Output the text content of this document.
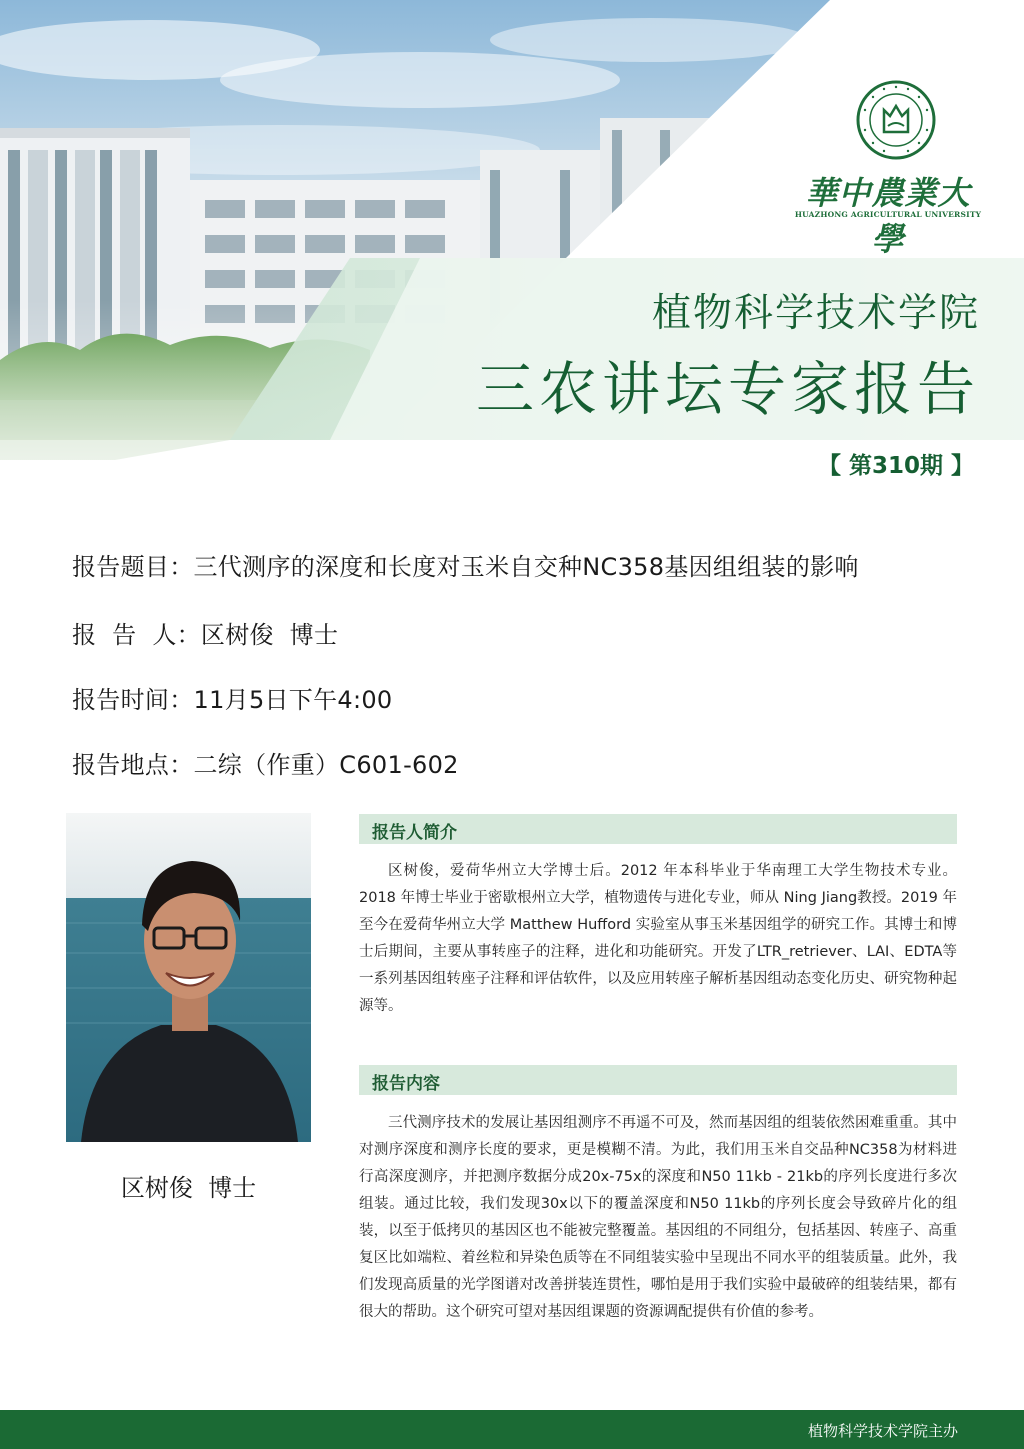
華中農業大學
HUAZHONG AGRICULTURAL UNIVERSITY
植物科学技术学院
三农讲坛专家报告
【 第310期 】
报告题目：三代测序的深度和长度对玉米自交种NC358基因组组装的影响
报  告  人：区树俊  博士
报告时间：11月5日下午4:00
报告地点：二综（作重）C601-602
区树俊  博士
报告人简介

区树俊，爱荷华州立大学博士后。2012 年本科毕业于华南理工大学生物技术专业。 2018 年博士毕业于密歇根州立大学，植物遗传与进化专业，师从 Ning Jiang教授。2019 年至今在爱荷华州立大学 Matthew Hufford 实验室从事玉米基因组学的研究工作。其博士和博士后期间，主要从事转座子的注释，进化和功能研究。开发了LTR_retriever、LAI、EDTA等一系列基因组转座子注释和评估软件，以及应用转座子解析基因组动态变化历史、研究物种起源等。

报告内容

三代测序技术的发展让基因组测序不再遥不可及，然而基因组的组装依然困难重重。其中对测序深度和测序长度的要求，更是模糊不清。为此，我们用玉米自交品种NC358为材料进行高深度测序，并把测序数据分成20x-75x的深度和N50 11kb - 21kb的序列长度进行多次组装。通过比较，我们发现30x以下的覆盖深度和N50 11kb的序列长度会导致碎片化的组装，以至于低拷贝的基因区也不能被完整覆盖。基因组的不同组分，包括基因、转座子、高重复区比如端粒、着丝粒和异染色质等在不同组装实验中呈现出不同水平的组装质量。此外，我们发现高质量的光学图谱对改善拼装连贯性，哪怕是用于我们实验中最破碎的组装结果，都有很大的帮助。这个研究可望对基因组课题的资源调配提供有价值的参考。

植物科学技术学院主办
